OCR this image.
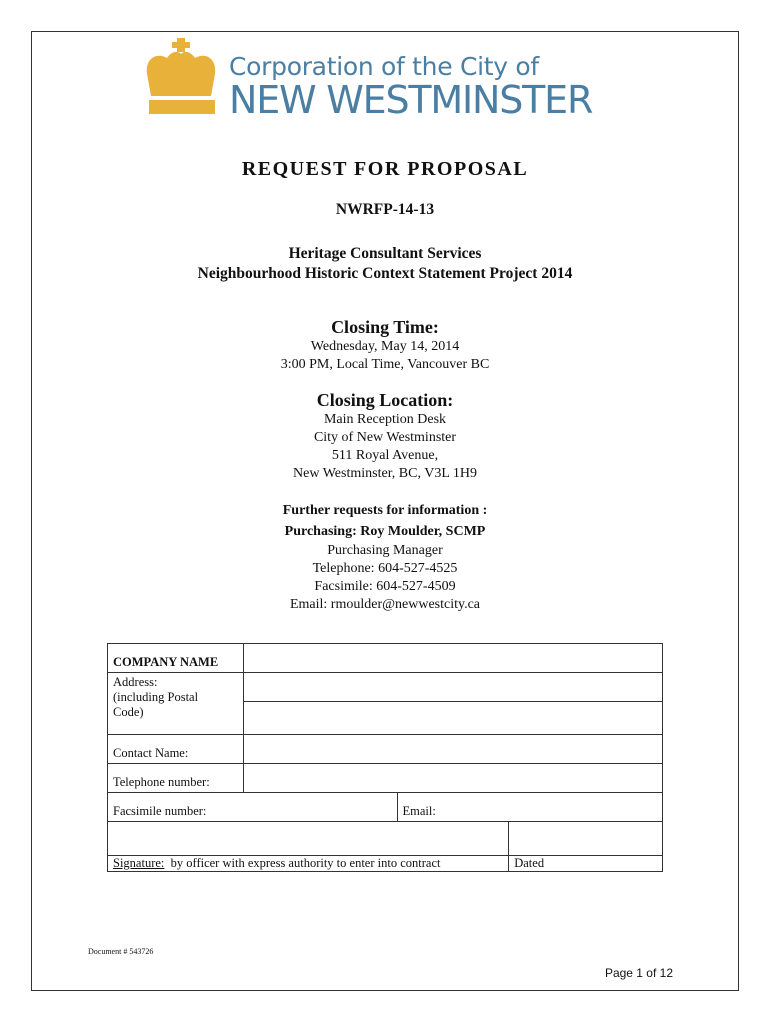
Corporation of the City of
NEW WESTMINSTER
REQUEST FOR PROPOSAL
NWRFP-14-13
Heritage Consultant Services
Neighbourhood Historic Context Statement Project 2014
Closing Time:
Wednesday, May 14, 2014
3:00 PM, Local Time, Vancouver BC
Closing Location:
Main Reception Desk
City of New Westminster
511 Royal Avenue,
New Westminster, BC, V3L 1H9
Further requests for information :
Purchasing: Roy Moulder, SCMP
Purchasing Manager
Telephone: 604-527-4525
Facsimile: 604-527-4509
Email: rmoulder@newwestcity.ca
COMPANY NAME			

Address:
(including Postal
Code)			

Contact Name:			
Telephone number:			
Facsimile number:		Email:	

Signature: by officer with express authority to enter into contract			Dated
Document # 543726
Page 1 of 12
